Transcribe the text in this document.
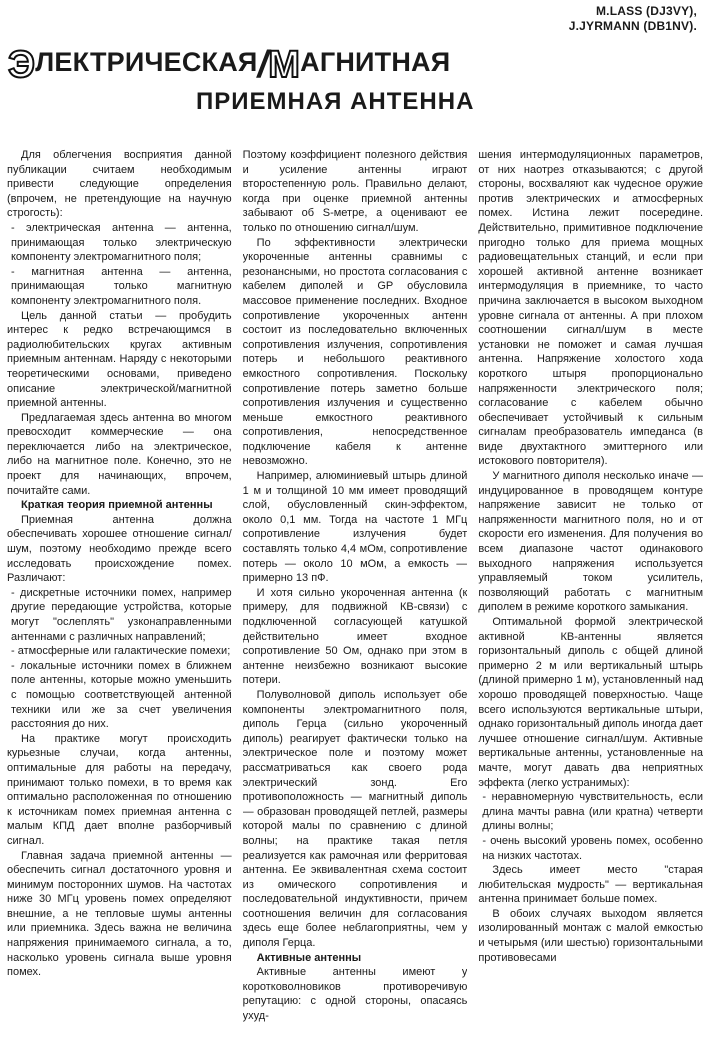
M.LASS (DJ3VY),
J.JYRMANN (DB1NV).
ЭЛЕКТРИЧЕСКАЯ/МАГНИТНАЯ
ПРИЕМНАЯ АНТЕННА

Для облегчения восприятия данной публикации считаем необходимым привести следующие определения (впрочем, не претендующие на научную строгость):

- электрическая антенна — антенна, принимающая только электрическую компоненту электромагнитного поля;

- магнитная антенна — антенна, принимающая только магнитную компоненту электромагнитного поля.

Цель данной статьи — пробудить интерес к редко встречающимся в радиолюбительских кругах активным приемным антеннам. Наряду с некоторыми теоретическими основами, приведено описание электрической/магнитной приемной антенны.

Предлагаемая здесь антенна во многом превосходит коммерческие — она переключается либо на электрическое, либо на магнитное поле. Конечно, это не проект для начинающих, впрочем, почитайте сами.

Краткая теория приемной антенны

Приемная антенна должна обеспечивать хорошее отношение сигнал/шум, поэтому необходимо прежде всего исследовать происхождение помех. Различают:

- дискретные источники помех, например другие передающие устройства, которые могут "ослеплять" узконаправленными антеннами с различных направлений;

- атмосферные или галактические помехи;

- локальные источники помех в ближнем поле антенны, которые можно уменьшить с помощью соответствующей антенной техники или же за счет увеличения расстояния до них.

На практике могут происходить курьезные случаи, когда антенны, оптимальные для работы на передачу, принимают только помехи, в то время как оптимально расположенная по отношению к источникам помех приемная антенна с малым КПД дает вполне разборчивый сигнал.

Главная задача приемной антенны — обеспечить сигнал достаточного уровня и минимум посторонних шумов. На частотах ниже 30 МГц уровень помех определяют внешние, а не тепловые шумы антенны или приемника. Здесь важна не величина напряжения принимаемого сигнала, а то, насколько уровень сигнала выше уровня помех.

Поэтому коэффициент полезного действия и усиление антенны играют второстепенную роль. Правильно делают, когда при оценке приемной антенны забывают об S-метре, а оценивают ее только по отношению сигнал/шум.

По эффективности электрически укороченные антенны сравнимы с резонансными, но простота согласования с кабелем диполей и GP обусловила массовое применение последних. Входное сопротивление укороченных антенн состоит из последовательно включенных сопротивления излучения, сопротивления потерь и небольшого реактивного емкостного сопротивления. Поскольку сопротивление потерь заметно больше сопротивления излучения и существенно меньше емкостного реактивного сопротивления, непосредственное подключение кабеля к антенне невозможно.

Например, алюминиевый штырь длиной 1 м и толщиной 10 мм имеет проводящий слой, обусловленный скин-эффектом, около 0,1 мм. Тогда на частоте 1 МГц сопротивление излучения будет составлять только 4,4 мОм, сопротивление потерь — около 10 мОм, а емкость — примерно 13 пФ.

И хотя сильно укороченная антенна (к примеру, для подвижной КВ-связи) с подключенной согласующей катушкой действительно имеет входное сопротивление 50 Ом, однако при этом в антенне неизбежно возникают высокие потери.

Полуволновой диполь использует обе компоненты электромагнитного поля, диполь Герца (сильно укороченный диполь) реагирует фактически только на электрическое поле и поэтому может рассматриваться как своего рода электрический зонд. Его противоположность — магнитный диполь — образован проводящей петлей, размеры которой малы по сравнению с длиной волны; на практике такая петля реализуется как рамочная или ферритовая антенна. Ее эквивалентная схема состоит из омического сопротивления и последовательной индуктивности, причем соотношения величин для согласования здесь еще более неблагоприятны, чем у диполя Герца.

Активные антенны

Активные антенны имеют у коротковолновиков противоречивую репутацию: с одной стороны, опасаясь ухуд-

шения интермодуляционных параметров, от них наотрез отказываются; с другой стороны, восхваляют как чудесное оружие против электрических и атмосферных помех. Истина лежит посередине. Действительно, примитивное подключение пригодно только для приема мощных радиовещательных станций, и если при хорошей активной антенне возникает интермодуляция в приемнике, то часто причина заключается в высоком выходном уровне сигнала от антенны. А при плохом соотношении сигнал/шум в месте установки не поможет и самая лучшая антенна. Напряжение холостого хода короткого штыря пропорционально напряженности электрического поля; согласование с кабелем обычно обеспечивает устойчивый к сильным сигналам преобразователь импеданса (в виде двухтактного эмиттерного или истокового повторителя).

У магнитного диполя несколько иначе — индуцированное в проводящем контуре напряжение зависит не только от напряженности магнитного поля, но и от скорости его изменения. Для получения во всем диапазоне частот одинакового выходного напряжения используется управляемый током усилитель, позволяющий работать с магнитным диполем в режиме короткого замыкания.

Оптимальной формой электрической активной КВ-антенны является горизонтальный диполь с общей длиной примерно 2 м или вертикальный штырь (длиной примерно 1 м), установленный над хорошо проводящей поверхностью. Чаще всего используются вертикальные штыри, однако горизонтальный диполь иногда дает лучшее отношение сигнал/шум. Активные вертикальные антенны, установленные на мачте, могут давать два неприятных эффекта (легко устранимых):

- неравномерную чувствительность, если длина мачты равна (или кратна) четверти длины волны;

- очень высокий уровень помех, особенно на низких частотах.

Здесь имеет место "старая любительская мудрость" — вертикальная антенна принимает больше помех.

В обоих случаях выходом является изолированный монтаж с малой емкостью и четырьмя (или шестью) горизонтальными противовесами
